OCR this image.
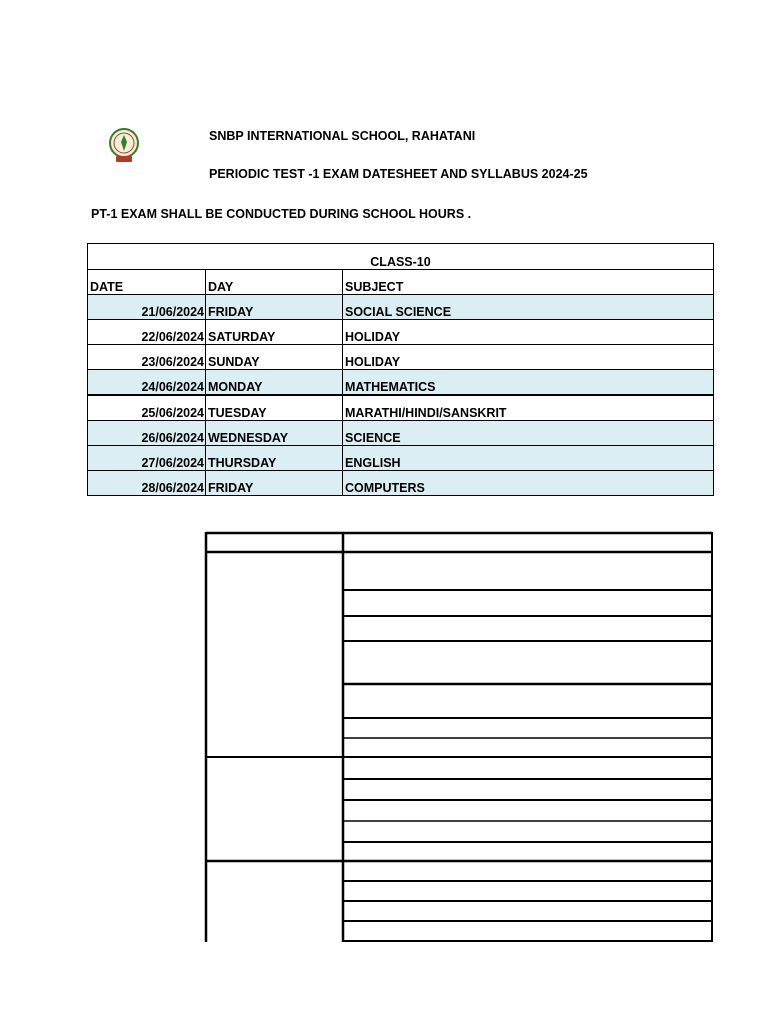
SNBP INTERNATIONAL SCHOOL, RAHATANI
PERIODIC TEST -1 EXAM DATESHEET AND SYLLABUS 2024-25
PT-1 EXAM SHALL BE CONDUCTED DURING SCHOOL HOURS .
CLASS-10		
DATE	DAY	SUBJECT
21/06/2024	FRIDAY	SOCIAL SCIENCE
22/06/2024	SATURDAY	HOLIDAY
23/06/2024	SUNDAY	HOLIDAY
24/06/2024	MONDAY	MATHEMATICS
25/06/2024	TUESDAY	MARATHI/HINDI/SANSKRIT
26/06/2024	WEDNESDAY	SCIENCE
27/06/2024	THURSDAY	ENGLISH
28/06/2024	FRIDAY	COMPUTERS
